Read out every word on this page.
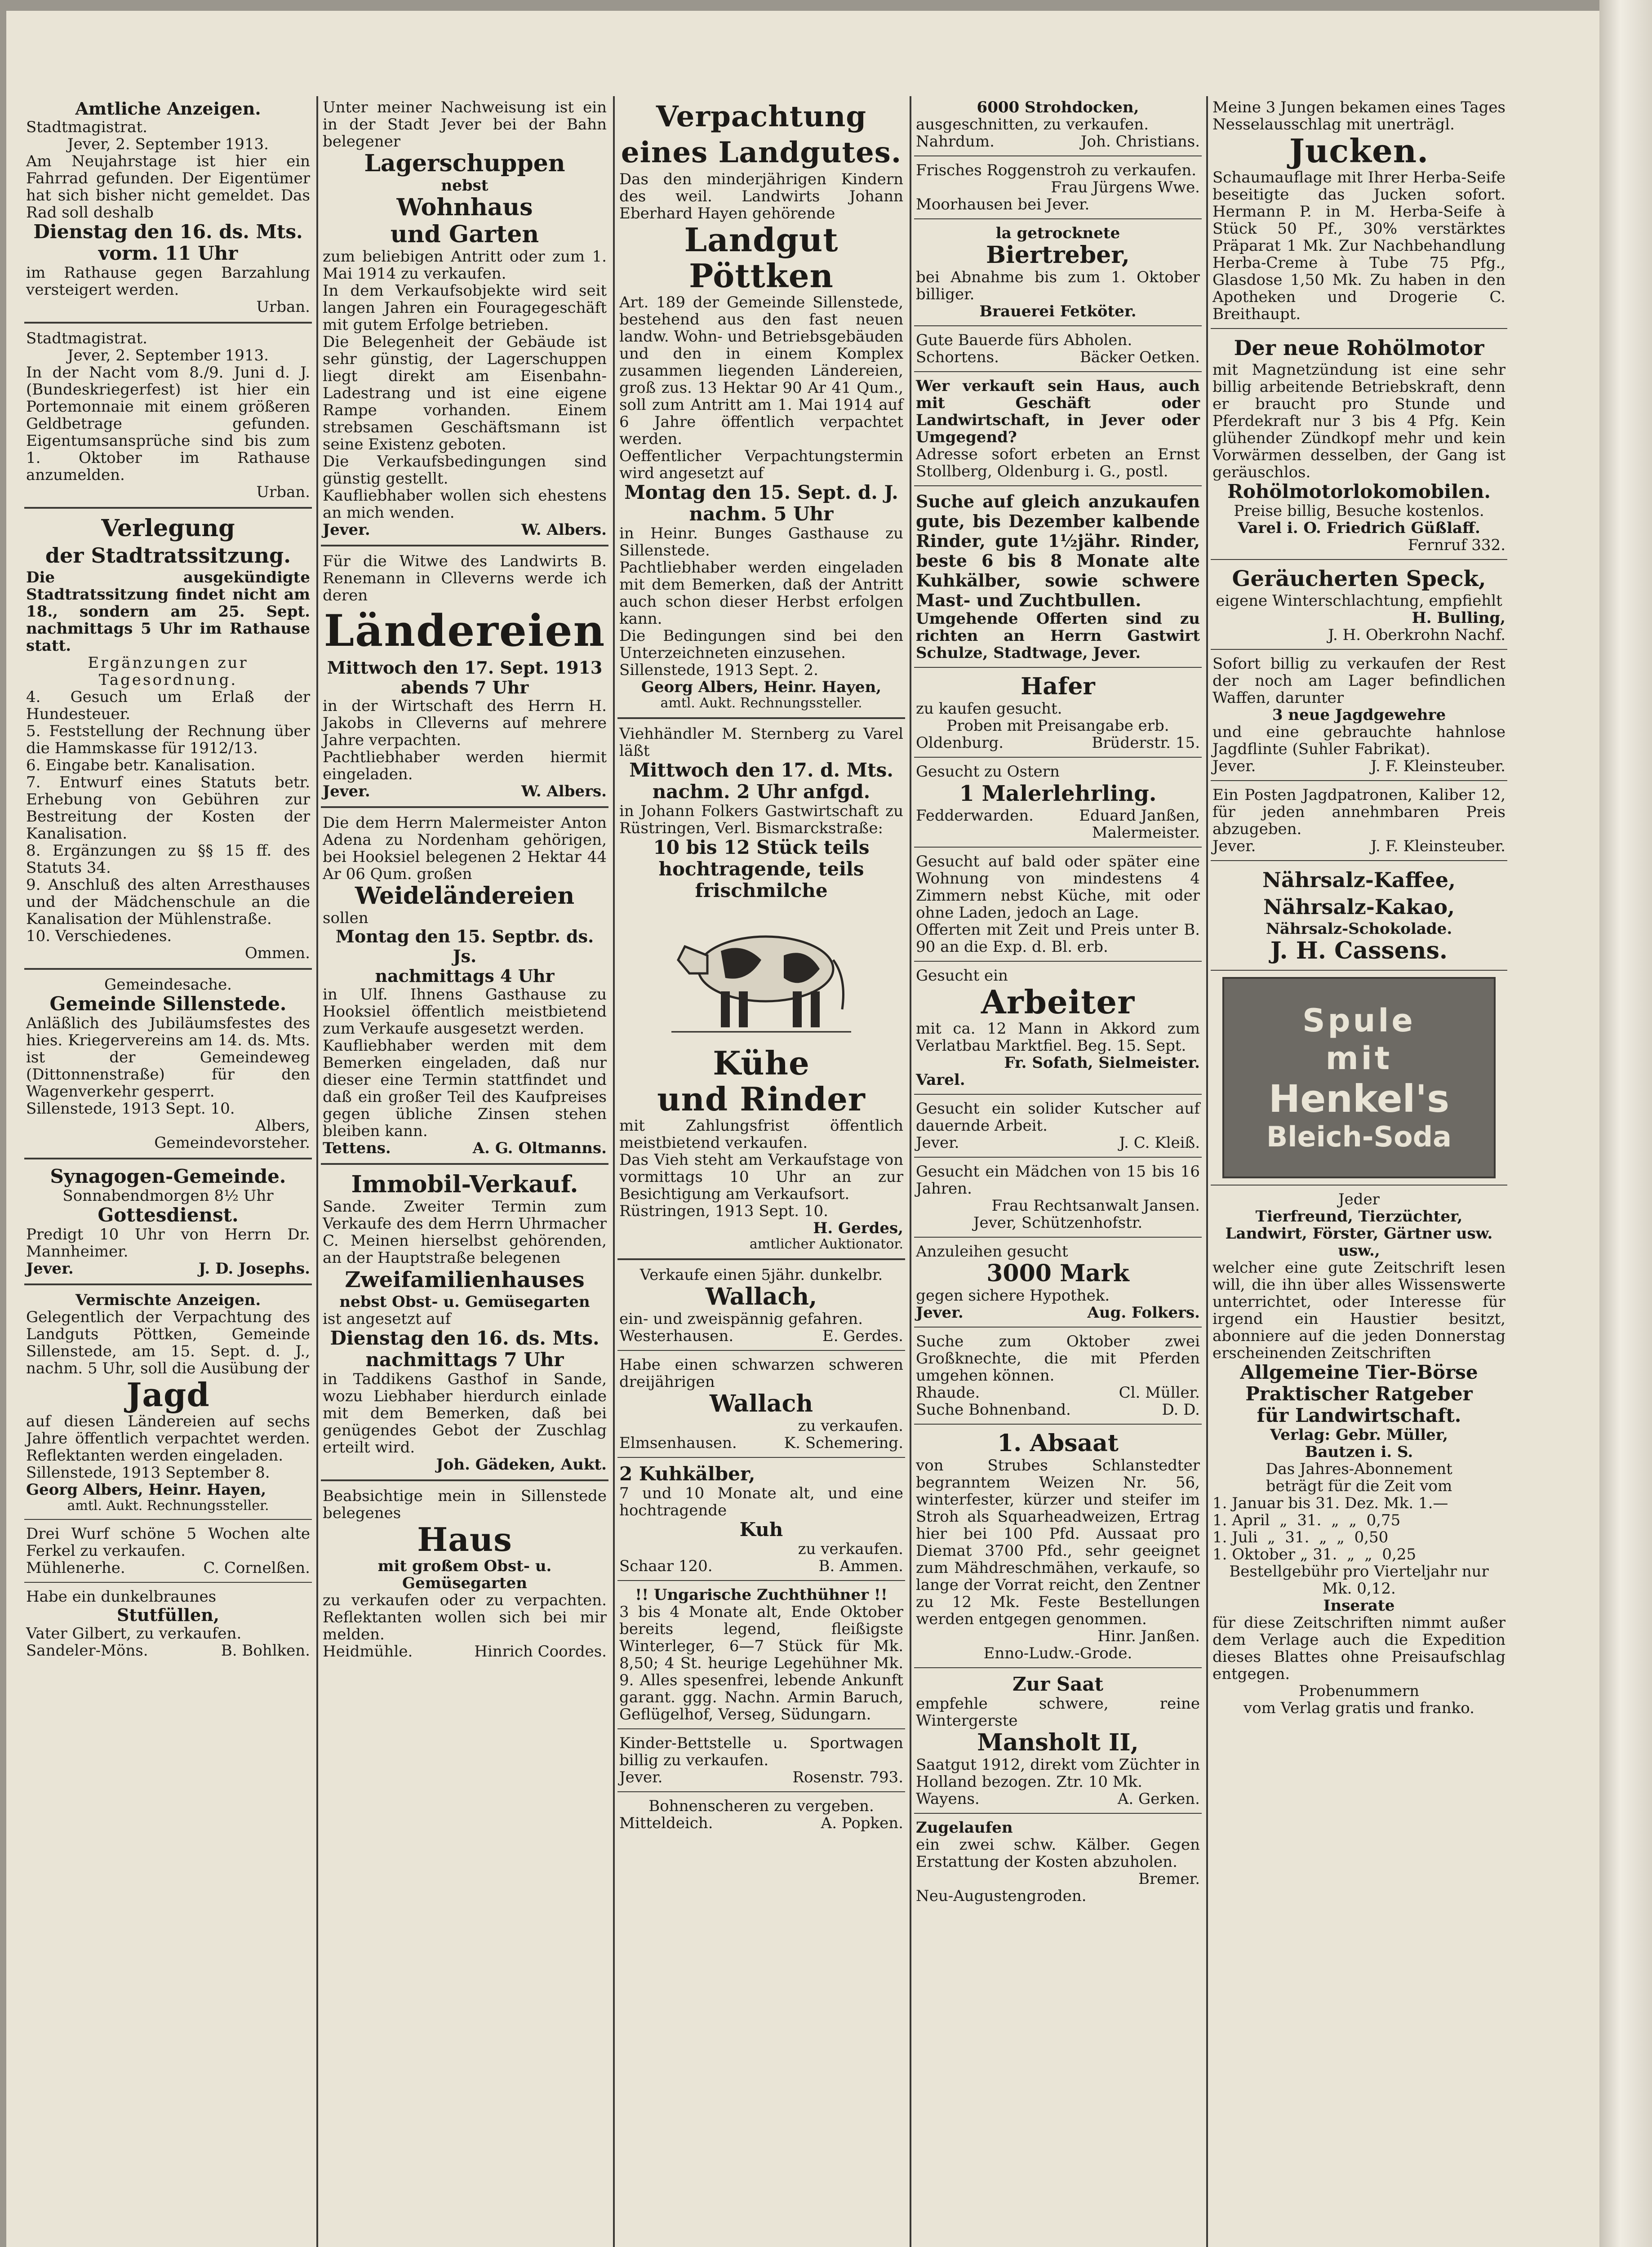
Amtliche Anzeigen.
Stadtmagistrat.
Jever, 2. September 1913.
Am Neujahrstage ist hier ein Fahrrad gefunden. Der Eigentümer hat sich bisher nicht gemeldet. Das Rad soll deshalb
Dienstag den 16. ds. Mts.
vorm. 11 Uhr
im Rathause gegen Barzahlung versteigert werden.
Urban.
Stadtmagistrat.
Jever, 2. September 1913.
In der Nacht vom 8./9. Juni d. J. (Bundeskriegerfest) ist hier ein Portemonnaie mit einem größeren Geldbetrage gefunden. Eigentumsansprüche sind bis zum 1. Oktober im Rathause anzumelden.
Urban.
Verlegung
der Stadtratssitzung.
Die ausgekündigte Stadtratssitzung findet nicht am 18., sondern am 25. Sept. nachmittags 5 Uhr im Rathause statt.
Ergänzungen zur Tagesordnung.
4. Gesuch um Erlaß der Hundesteuer.
5. Feststellung der Rechnung über die Hammskasse für 1912/13.
6. Eingabe betr. Kanalisation.
7. Entwurf eines Statuts betr. Erhebung von Gebühren zur Bestreitung der Kosten der Kanalisation.
8. Ergänzungen zu §§ 15 ff. des Statuts 34.
9. Anschluß des alten Arresthauses und der Mädchenschule an die Kanalisation der Mühlenstraße.
10. Verschiedenes.
Ommen.
Gemeindesache.
Gemeinde Sillenstede.
Anläßlich des Jubiläumsfestes des hies. Kriegervereins am 14. ds. Mts. ist der Gemeindeweg (Dittonnenstraße) für den Wagenverkehr gesperrt.
Sillenstede, 1913 Sept. 10.
Albers,
Gemeindevorsteher.
Synagogen-Gemeinde.
Sonnabendmorgen 8½ Uhr
Gottesdienst.
Predigt 10 Uhr von Herrn Dr. Mannheimer.
Jever.	J. D. Josephs.
Vermischte Anzeigen.
Gelegentlich der Verpachtung des Landguts Pöttken, Gemeinde Sillenstede, am 15. Sept. d. J., nachm. 5 Uhr, soll die Ausübung der
Jagd
auf diesen Ländereien auf sechs Jahre öffentlich verpachtet werden. Reflektanten werden eingeladen.
Sillenstede, 1913 September 8.
Georg Albers, Heinr. Hayen,
amtl. Aukt. Rechnungssteller.
Drei Wurf schöne 5 Wochen alte Ferkel zu verkaufen.
Mühlenerhe.	C. Cornelßen.
Habe ein dunkelbraunes
Stutfüllen,
Vater Gilbert, zu verkaufen.
Sandeler-Möns.	B. Bohlken.
Unter meiner Nachweisung ist ein in der Stadt Jever bei der Bahn belegener
Lagerschuppen
nebst
Wohnhaus
und Garten
zum beliebigen Antritt oder zum 1. Mai 1914 zu verkaufen.
In dem Verkaufsobjekte wird seit langen Jahren ein Fouragegeschäft mit gutem Erfolge betrieben.
Die Belegenheit der Gebäude ist sehr günstig, der Lagerschuppen liegt direkt am Eisenbahn-Ladestrang und ist eine eigene Rampe vorhanden. Einem strebsamen Geschäftsmann ist seine Existenz geboten.
Die Verkaufsbedingungen sind günstig gestellt.
Kaufliebhaber wollen sich ehestens an mich wenden.
Jever.	W. Albers.
Für die Witwe des Landwirts B. Renemann in Clleverns werde ich deren
Ländereien
Mittwoch den 17. Sept. 1913
abends 7 Uhr
in der Wirtschaft des Herrn H. Jakobs in Clleverns auf mehrere Jahre verpachten.
Pachtliebhaber werden hiermit eingeladen.
Jever.	W. Albers.
Die dem Herrn Malermeister Anton Adena zu Nordenham gehörigen, bei Hooksiel belegenen 2 Hektar 44 Ar 06 Qum. großen
Weideländereien
sollen
Montag den 15. Septbr. ds. Js.
nachmittags 4 Uhr
in Ulf. Ihnens Gasthause zu Hooksiel öffentlich meistbietend zum Verkaufe ausgesetzt werden.
Kaufliebhaber werden mit dem Bemerken eingeladen, daß nur dieser eine Termin stattfindet und daß ein großer Teil des Kaufpreises gegen übliche Zinsen stehen bleiben kann.
Tettens.	A. G. Oltmanns.
Immobil-Verkauf.
Sande. Zweiter Termin zum Verkaufe des dem Herrn Uhrmacher C. Meinen hierselbst gehörenden, an der Hauptstraße belegenen
Zweifamilienhauses
nebst Obst- u. Gemüsegarten
ist angesetzt auf
Dienstag den 16. ds. Mts.
nachmittags 7 Uhr
in Taddikens Gasthof in Sande, wozu Liebhaber hierdurch einlade mit dem Bemerken, daß bei genügendes Gebot der Zuschlag erteilt wird.
Joh. Gädeken, Aukt.
Beabsichtige mein in Sillenstede belegenes
Haus
mit großem Obst- u. Gemüsegarten
zu verkaufen oder zu verpachten. Reflektanten wollen sich bei mir melden.
Heidmühle.	Hinrich Coordes.
Verpachtung
eines Landgutes.
Das den minderjährigen Kindern des weil. Landwirts Johann Eberhard Hayen gehörende
Landgut
Pöttken
Art. 189 der Gemeinde Sillenstede, bestehend aus den fast neuen landw. Wohn- und Betriebsgebäuden und den in einem Komplex zusammen liegenden Ländereien, groß zus. 13 Hektar 90 Ar 41 Qum., soll zum Antritt am 1. Mai 1914 auf 6 Jahre öffentlich verpachtet werden.
Oeffentlicher Verpachtungstermin wird angesetzt auf
Montag den 15. Sept. d. J.
nachm. 5 Uhr
in Heinr. Bunges Gasthause zu Sillenstede.
Pachtliebhaber werden eingeladen mit dem Bemerken, daß der Antritt auch schon dieser Herbst erfolgen kann.
Die Bedingungen sind bei den Unterzeichneten einzusehen.
Sillenstede, 1913 Sept. 2.
Georg Albers, Heinr. Hayen,
amtl. Aukt. Rechnungssteller.
Viehhändler M. Sternberg zu Varel läßt
Mittwoch den 17. d. Mts.
nachm. 2 Uhr anfgd.
in Johann Folkers Gastwirtschaft zu Rüstringen, Verl. Bismarckstraße:
10 bis 12 Stück teils hochtragende, teils frischmilche
Kühe
und Rinder
mit Zahlungsfrist öffentlich meistbietend verkaufen.
Das Vieh steht am Verkaufstage von vormittags 10 Uhr an zur Besichtigung am Verkaufsort.
Rüstringen, 1913 Sept. 10.
H. Gerdes,
amtlicher Auktionator.
Verkaufe einen 5jähr. dunkelbr.
Wallach,
ein- und zweispännig gefahren.
Westerhausen.	E. Gerdes.
Habe einen schwarzen schweren dreijährigen
Wallach
zu verkaufen.
Elmsenhausen.	K. Schemering.
2 Kuhkälber,
7 und 10 Monate alt, und eine hochtragende
Kuh
zu verkaufen.
Schaar 120.	B. Ammen.
!! Ungarische Zuchthühner !!
3 bis 4 Monate alt, Ende Oktober bereits legend, fleißigste Winterleger, 6—7 Stück für Mk. 8,50; 4 St. heurige Legehühner Mk. 9. Alles spesenfrei, lebende Ankunft garant. ggg. Nachn. Armin Baruch, Geflügelhof, Verseg, Südungarn.
Kinder-Bettstelle u. Sportwagen billig zu verkaufen.
Jever.	Rosenstr. 793.
Bohnenscheren zu vergeben.
Mitteldeich.	A. Popken.
6000 Strohdocken,
ausgeschnitten, zu verkaufen.
Nahrdum.	Joh. Christians.
Frisches Roggenstroh zu verkaufen.
Frau Jürgens Wwe.
Moorhausen bei Jever.
la getrocknete
Biertreber,
bei Abnahme bis zum 1. Oktober billiger.
Brauerei Fetköter.
Gute Bauerde fürs Abholen.
Schortens.	Bäcker Oetken.
Wer verkauft sein Haus, auch mit Geschäft oder Landwirtschaft, in Jever oder Umgegend?
Adresse sofort erbeten an Ernst Stollberg, Oldenburg i. G., postl.
Suche auf gleich anzukaufen gute, bis Dezember kalbende Rinder, gute 1½jähr. Rinder, beste 6 bis 8 Monate alte Kuhkälber, sowie schwere Mast- und Zuchtbullen.
Umgehende Offerten sind zu richten an Herrn Gastwirt Schulze, Stadtwage, Jever.
Hafer
zu kaufen gesucht.
Proben mit Preisangabe erb.
Oldenburg.	Brüderstr. 15.
Gesucht zu Ostern
1 Malerlehrling.
Fedderwarden.	Eduard Janßen,
Malermeister.
Gesucht auf bald oder später eine Wohnung von mindestens 4 Zimmern nebst Küche, mit oder ohne Laden, jedoch an Lage.
Offerten mit Zeit und Preis unter B. 90 an die Exp. d. Bl. erb.
Gesucht ein
Arbeiter
mit ca. 12 Mann in Akkord zum Verlatbau Marktfiel. Beg. 15. Sept.
Fr. Sofath, Sielmeister.
Varel.
Gesucht ein solider Kutscher auf dauernde Arbeit.
Jever.	J. C. Kleiß.
Gesucht ein Mädchen von 15 bis 16 Jahren.
Frau Rechtsanwalt Jansen.
Jever, Schützenhofstr.
Anzuleihen gesucht
3000 Mark
gegen sichere Hypothek.
Jever.	Aug. Folkers.
Suche zum Oktober zwei Großknechte, die mit Pferden umgehen können.
Rhaude.	Cl. Müller.
Suche Bohnenband.	D. D.
1. Absaat
von Strubes Schlanstedter begranntem Weizen Nr. 56, winterfester, kürzer und steifer im Stroh als Squarheadweizen, Ertrag hier bei 100 Pfd. Aussaat pro Diemat 3700 Pfd., sehr geeignet zum Mähdreschmähen, verkaufe, so lange der Vorrat reicht, den Zentner zu 12 Mk. Feste Bestellungen werden entgegen genommen.
Hinr. Janßen.
Enno-Ludw.-Grode.
Zur Saat
empfehle schwere, reine Wintergerste
Mansholt II,
Saatgut 1912, direkt vom Züchter in Holland bezogen. Ztr. 10 Mk.
Wayens.	A. Gerken.
Zugelaufen
ein zwei schw. Kälber. Gegen Erstattung der Kosten abzuholen.
Bremer.
Neu-Augustengroden.
Meine 3 Jungen bekamen eines Tages Nesselausschlag mit unerträgl.
Jucken.
Schaumauflage mit Ihrer Herba-Seife beseitigte das Jucken sofort. Hermann P. in M. Herba-Seife à Stück 50 Pf., 30% verstärktes Präparat 1 Mk. Zur Nachbehandlung Herba-Creme à Tube 75 Pfg., Glasdose 1,50 Mk. Zu haben in den Apotheken und Drogerie C. Breithaupt.
Der neue Rohölmotor
mit Magnetzündung ist eine sehr billig arbeitende Betriebskraft, denn er braucht pro Stunde und Pferdekraft nur 3 bis 4 Pfg. Kein glühender Zündkopf mehr und kein Vorwärmen desselben, der Gang ist geräuschlos.
Rohölmotorlokomobilen.
Preise billig, Besuche kostenlos.
Varel i. O. Friedrich Güßlaff.
Fernruf 332.
Geräucherten Speck,
eigene Winterschlachtung, empfiehlt
H. Bulling,
J. H. Oberkrohn Nachf.
Sofort billig zu verkaufen der Rest der noch am Lager befindlichen Waffen, darunter
3 neue Jagdgewehre
und eine gebrauchte hahnlose Jagdflinte (Suhler Fabrikat).
Jever.	J. F. Kleinsteuber.
Ein Posten Jagdpatronen, Kaliber 12, für jeden annehmbaren Preis abzugeben.
Jever.	J. F. Kleinsteuber.
Nährsalz-Kaffee,
Nährsalz-Kakao,
Nährsalz-Schokolade.
J. H. Cassens.
Spule
mit
Henkel's
Bleich-Soda
Jeder
Tierfreund, Tierzüchter, Landwirt, Förster, Gärtner usw. usw.,
welcher eine gute Zeitschrift lesen will, die ihn über alles Wissenswerte unterrichtet, oder Interesse für irgend ein Haustier besitzt, abonniere auf die jeden Donnerstag erscheinenden Zeitschriften
Allgemeine Tier-Börse
Praktischer Ratgeber
für Landwirtschaft.
Verlag: Gebr. Müller,
Bautzen i. S.
Das Jahres-Abonnement
beträgt für die Zeit vom
1. Januar bis 31. Dez. Mk. 1.—
1. April  „  31.  „  „  0,75
1. Juli  „  31.  „  „  0,50
1. Oktober „ 31.  „  „  0,25
Bestellgebühr pro Vierteljahr nur Mk. 0,12.
Inserate
für diese Zeitschriften nimmt außer dem Verlage auch die Expedition dieses Blattes ohne Preisaufschlag entgegen.
Probenummern
vom Verlag gratis und franko.
